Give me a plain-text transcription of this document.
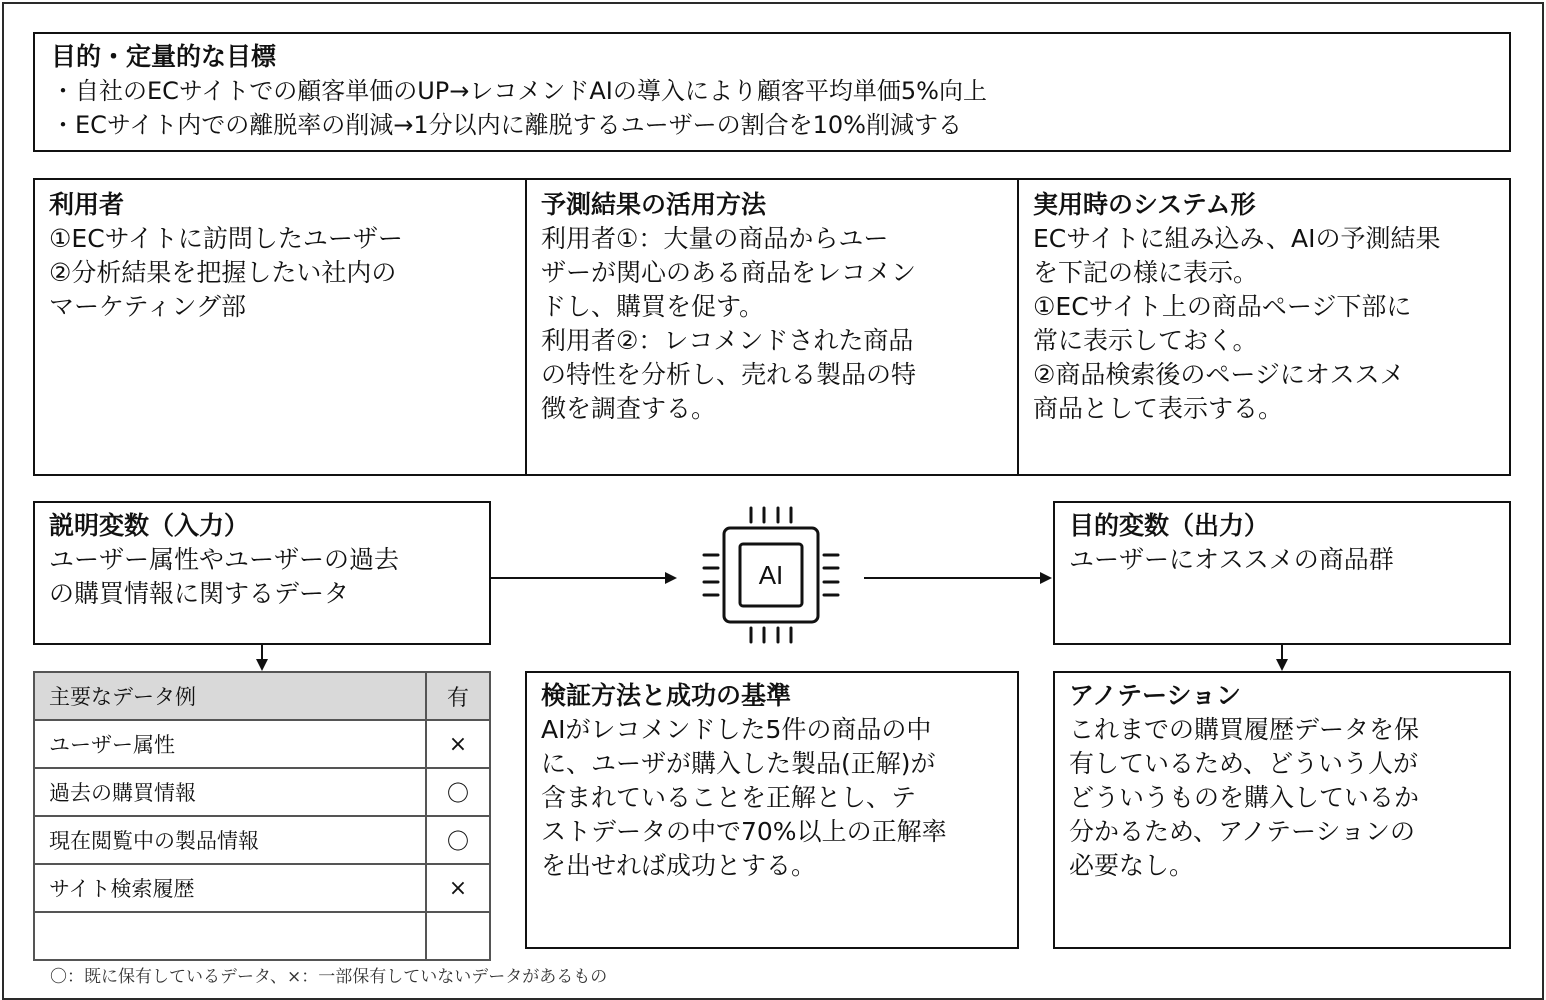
目的・定量的な目標
・自社のECサイトでの顧客単価のUP→レコメンドAIの導入により顧客平均単価5%向上
・ECサイト内での離脱率の削減→1分以内に離脱するユーザーの割合を10%削減する
利用者
①ECサイトに訪問したユーザー
②分析結果を把握したい社内の
マーケティング部
予測結果の活用方法
利用者①：大量の商品からユー
ザーが関心のある商品をレコメン
ドし、購買を促す。
利用者②：レコメンドされた商品
の特性を分析し、売れる製品の特
徴を調査する。
実用時のシステム形
ECサイトに組み込み、AIの予測結果
を下記の様に表示。
①ECサイト上の商品ページ下部に
常に表示しておく。
②商品検索後のページにオススメ
商品として表示する。
説明変数（入力）
ユーザー属性やユーザーの過去
の購買情報に関するデータ
AI
目的変数（出力）
ユーザーにオススメの商品群
主要なデータ例	有
ユーザー属性	×
過去の購買情報	〇
現在閲覧中の製品情報	〇
サイト検索履歴	×

検証方法と成功の基準
AIがレコメンドした5件の商品の中
に、ユーザが購入した製品(正解)が
含まれていることを正解とし、テ
ストデータの中で70%以上の正解率
を出せれば成功とする。
アノテーション
これまでの購買履歴データを保
有しているため、どういう人が
どういうものを購入しているか
分かるため、アノテーションの
必要なし。
〇：既に保有しているデータ、×：一部保有していないデータがあるもの
